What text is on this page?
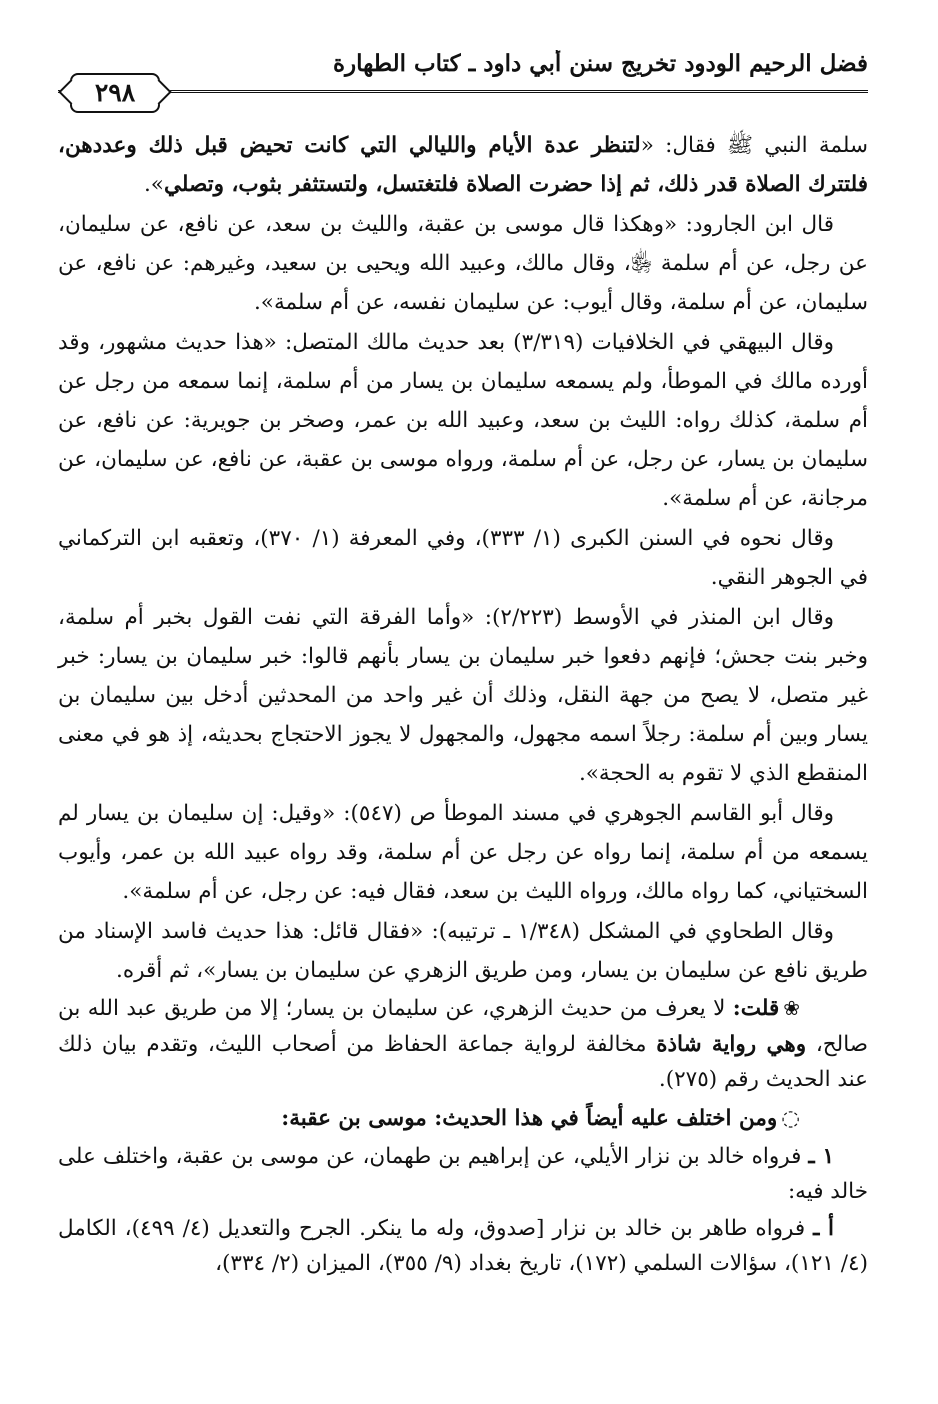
فضل الرحيم الودود تخريج سنن أبي داود ـ كتاب الطهارة
٢٩٨

سلمة النبي ﷺ فقال: «لتنظر عدة الأيام والليالي التي كانت تحيض قبل ذلك وعددهن، فلتترك الصلاة قدر ذلك، ثم إذا حضرت الصلاة فلتغتسل، ولتستثفر بثوب، وتصلي».

قال ابن الجارود: «وهكذا قال موسى بن عقبة، والليث بن سعد، عن نافع، عن سليمان، عن رجل، عن أم سلمة ﵂، وقال مالك، وعبيد الله ويحيى بن سعيد، وغيرهم: عن نافع، عن سليمان، عن أم سلمة، وقال أيوب: عن سليمان نفسه، عن أم سلمة».

وقال البيهقي في الخلافيات (٣/٣١٩) بعد حديث مالك المتصل: «هذا حديث مشهور، وقد أورده مالك في الموطأ، ولم يسمعه سليمان بن يسار من أم سلمة، إنما سمعه من رجل عن أم سلمة، كذلك رواه: الليث بن سعد، وعبيد الله بن عمر، وصخر بن جويرية: عن نافع، عن سليمان بن يسار، عن رجل، عن أم سلمة، ورواه موسى بن عقبة، عن نافع، عن سليمان، عن مرجانة، عن أم سلمة».

وقال نحوه في السنن الكبرى (١/ ٣٣٣)، وفي المعرفة (١/ ٣٧٠)، وتعقبه ابن التركماني في الجوهر النقي.

وقال ابن المنذر في الأوسط (٢/٢٢٣): «وأما الفرقة التي نفت القول بخبر أم سلمة، وخبر بنت جحش؛ فإنهم دفعوا خبر سليمان بن يسار بأنهم قالوا: خبر سليمان بن يسار: خبر غير متصل، لا يصح من جهة النقل، وذلك أن غير واحد من المحدثين أدخل بين سليمان بن يسار وبين أم سلمة: رجلاً اسمه مجهول، والمجهول لا يجوز الاحتجاج بحديثه، إذ هو في معنى المنقطع الذي لا تقوم به الحجة».

وقال أبو القاسم الجوهري في مسند الموطأ ص (٥٤٧): «وقيل: إن سليمان بن يسار لم يسمعه من أم سلمة، إنما رواه عن رجل عن أم سلمة، وقد رواه عبيد الله بن عمر، وأيوب السختياني، كما رواه مالك، ورواه الليث بن سعد، فقال فيه: عن رجل، عن أم سلمة».

وقال الطحاوي في المشكل (١/٣٤٨ ـ ترتيبه): «فقال قائل: هذا حديث فاسد الإسناد من طريق نافع عن سليمان بن يسار، ومن طريق الزهري عن سليمان بن يسار»، ثم أقره.

❀قلت: لا يعرف من حديث الزهري، عن سليمان بن يسار؛ إلا من طريق عبد الله بن صالح، وهي رواية شاذة مخالفة لرواية جماعة الحفاظ من أصحاب الليث، وتقدم بيان ذلك عند الحديث رقم (٢٧٥).

◌ومن اختلف عليه أيضاً في هذا الحديث: موسى بن عقبة:

١ ـ فرواه خالد بن نزار الأيلي، عن إبراهيم بن طهمان، عن موسى بن عقبة، واختلف على خالد فيه:

أ ـ فرواه طاهر بن خالد بن نزار [صدوق، وله ما ينكر. الجرح والتعديل (٤/ ٤٩٩)، الكامل (٤/ ١٢١)، سؤالات السلمي (١٧٢)، تاريخ بغداد (٩/ ٣٥٥)، الميزان (٢/ ٣٣٤)،
